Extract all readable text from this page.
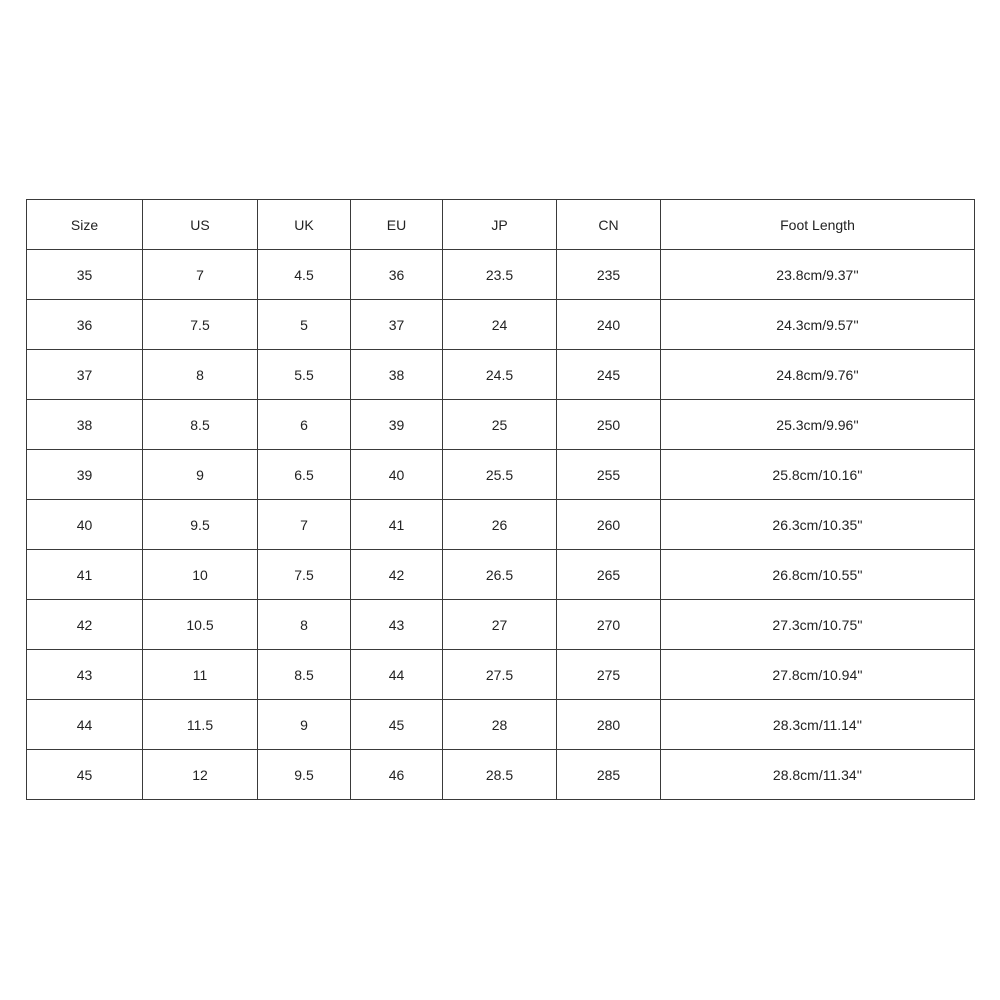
Size	US	UK	EU	JP	CN	Foot Length
35	7	4.5	36	23.5	235	23.8cm/9.37''
36	7.5	5	37	24	240	24.3cm/9.57''
37	8	5.5	38	24.5	245	24.8cm/9.76''
38	8.5	6	39	25	250	25.3cm/9.96''
39	9	6.5	40	25.5	255	25.8cm/10.16''
40	9.5	7	41	26	260	26.3cm/10.35''
41	10	7.5	42	26.5	265	26.8cm/10.55''
42	10.5	8	43	27	270	27.3cm/10.75''
43	11	8.5	44	27.5	275	27.8cm/10.94''
44	11.5	9	45	28	280	28.3cm/11.14''
45	12	9.5	46	28.5	285	28.8cm/11.34''
